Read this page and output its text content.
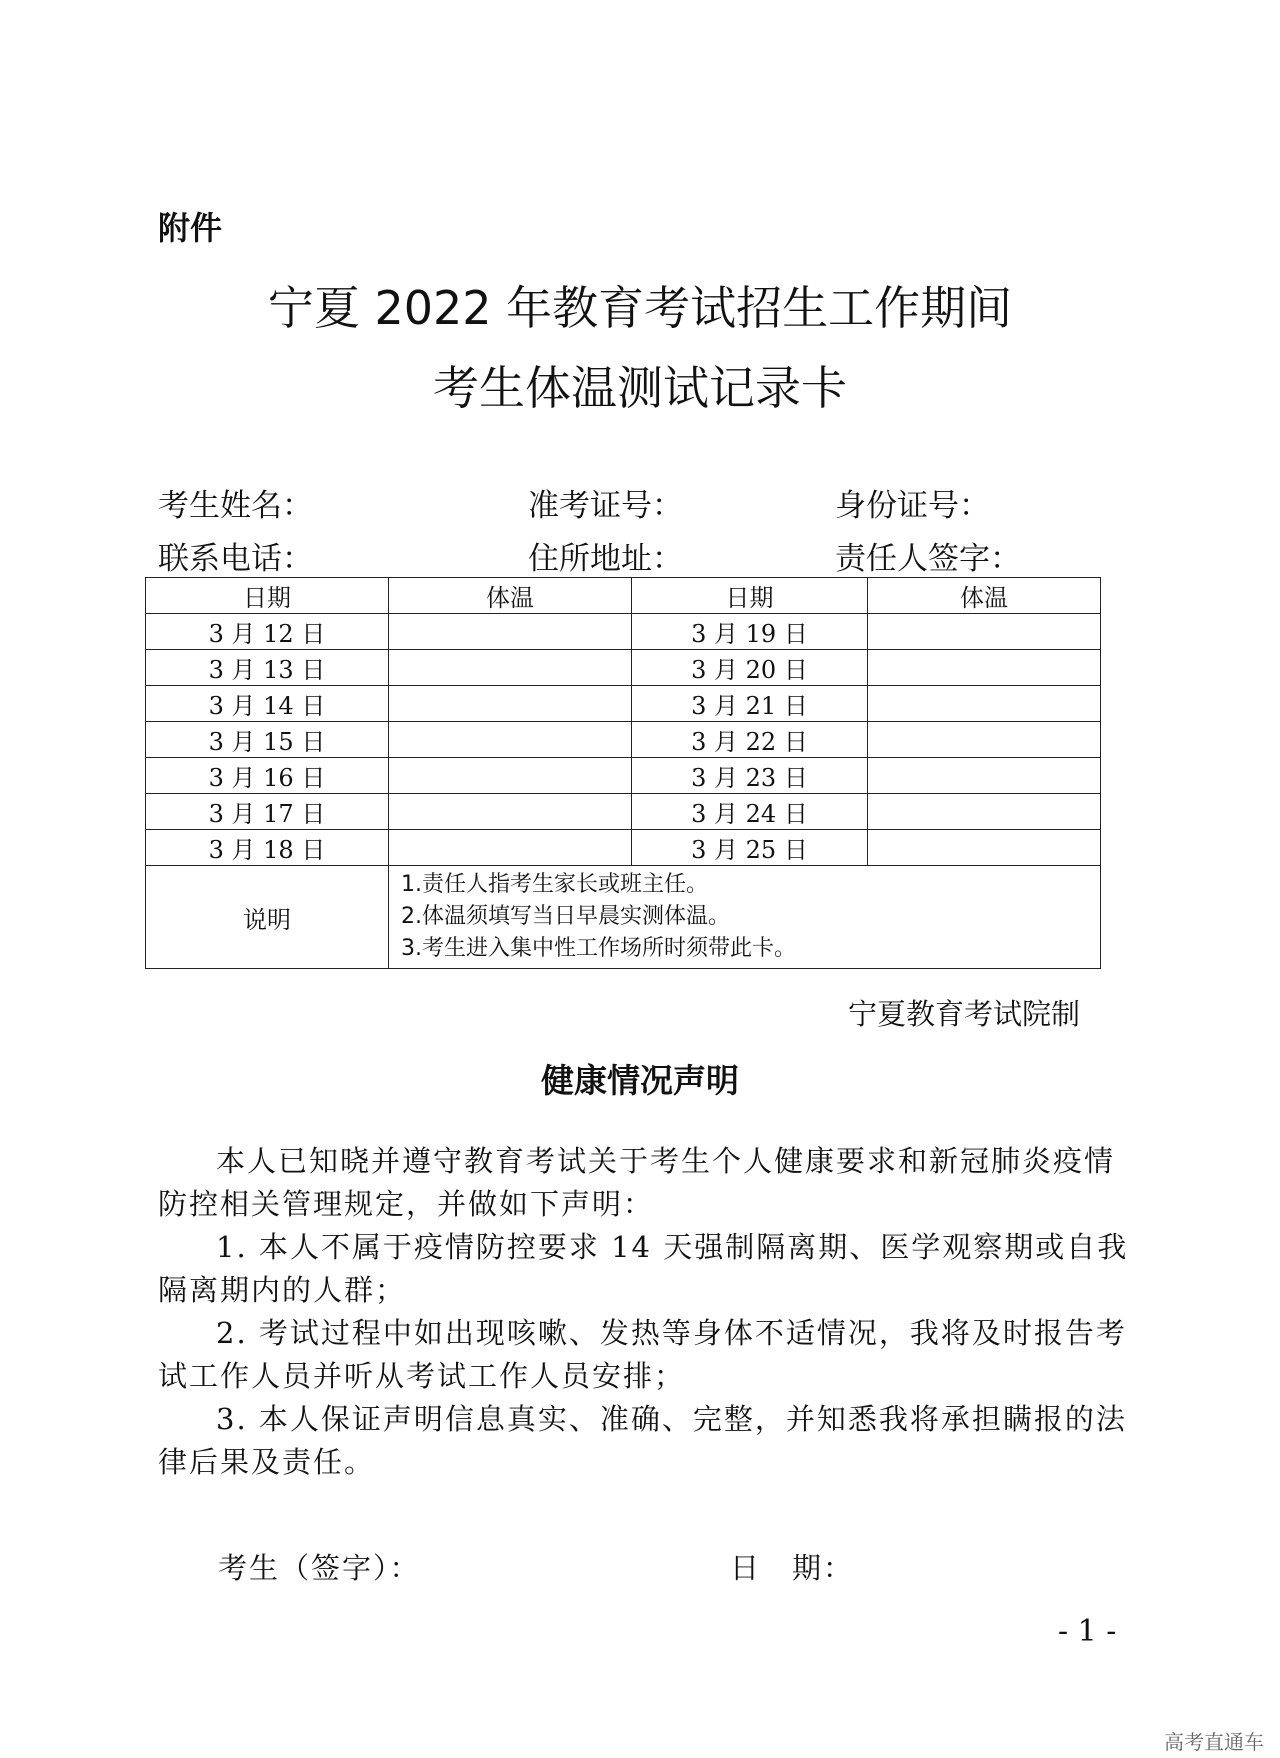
附件
宁夏 2022 年教育考试招生工作期间
考生体温测试记录卡
考生姓名：	准考证号：	身份证号：
联系电话：	住所地址：	责任人签字：
日期	体温	日期	体温
3 月 12 日		3 月 19 日	
3 月 13 日		3 月 20 日	
3 月 14 日		3 月 21 日	
3 月 15 日		3 月 22 日	
3 月 16 日		3 月 23 日	
3 月 17 日		3 月 24 日	
3 月 18 日		3 月 25 日	
说明	1.责任人指考生家长或班主任。
2.体温须填写当日早晨实测体温。
3.考生进入集中性工作场所时须带此卡。		
宁夏教育考试院制
健康情况声明
本人已知晓并遵守教育考试关于考生个人健康要求和新冠肺炎疫情防控相关管理规定，并做如下声明：
1. 本人不属于疫情防控要求 14 天强制隔离期、医学观察期或自我隔离期内的人群；
2. 考试过程中如出现咳嗽、发热等身体不适情况，我将及时报告考试工作人员并听从考试工作人员安排；
3. 本人保证声明信息真实、准确、完整，并知悉我将承担瞒报的法律后果及责任。
考生（签字）：	日　期：
- 1 -
高考直通车
